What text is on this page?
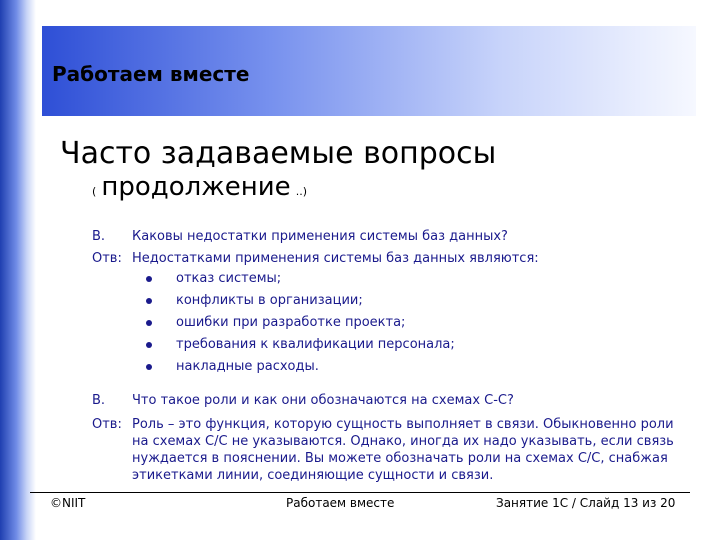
Работаем вместе
Часто задаваемые вопросы
( продолжение ..)
В.	Каковы недостатки применения системы баз данных?
Отв: Недостатками применения системы баз данных являются:
отказ системы;
конфликты в организации;
ошибки при разработке проекта;
требования к квалификации персонала;
накладные расходы.
В.	Что такое роли и как они обозначаются на схемах С-С?
Отв: Роль – это функция, которую сущность выполняет в связи. Обыкновенно роли на схемах С/С не указываются. Однако, иногда их надо указывать, если связь нуждается в пояснении. Вы можете обозначать роли на схемах С/С, снабжая этикетками линии, соединяющие сущности и связи.
©NIIT	Работаем вместе	Занятие 1С / Слайд 13 из 20
